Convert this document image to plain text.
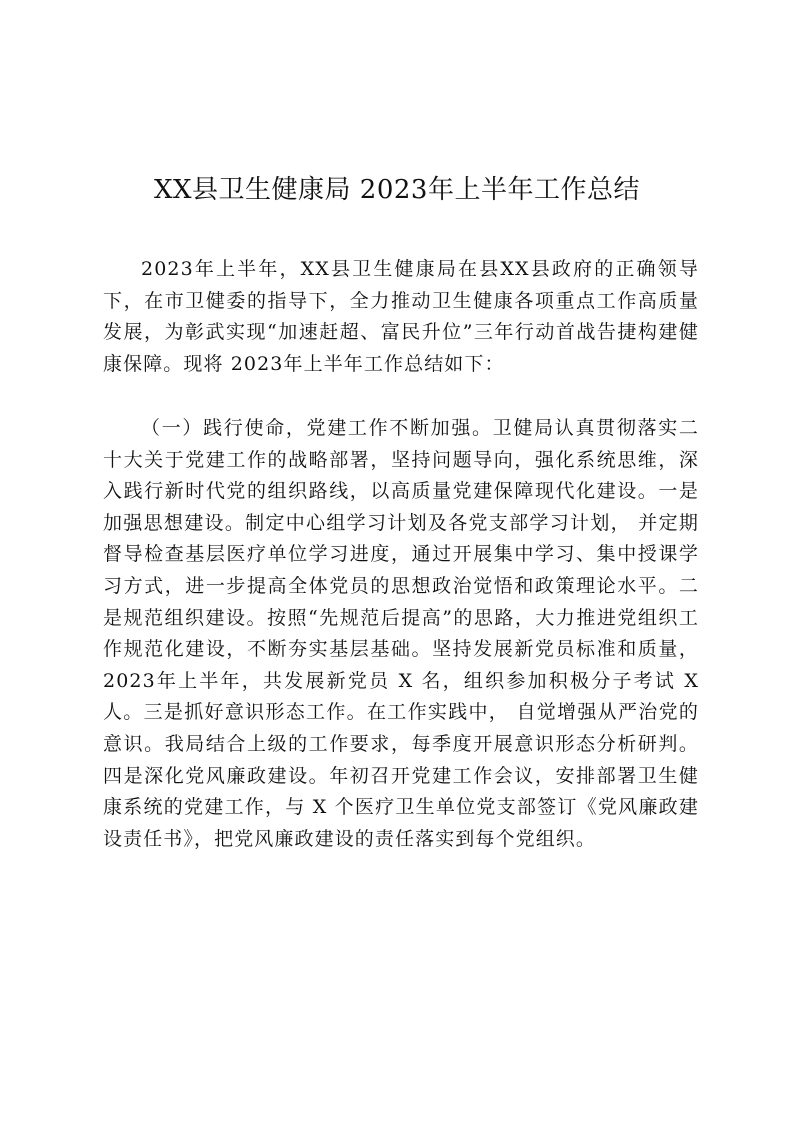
XX县卫生健康局 2023年上半年工作总结

2023年上半年，XX县卫生健康局在县XX县政府的正确领导下，在市卫健委的指导下，全力推动卫生健康各项重点工作高质量发展，为彰武实现“加速赶超、富民升位”三年行动首战告捷构建健康保障。现将 2023年上半年工作总结如下：

（一）践行使命，党建工作不断加强。卫健局认真贯彻落实二十大关于党建工作的战略部署，坚持问题导向，强化系统思维，深入践行新时代党的组织路线，以高质量党建保障现代化建设。一是加强思想建设。制定中心组学习计划及各党支部学习计划， 并定期督导检查基层医疗单位学习进度，通过开展集中学习、集中授课学习方式，进一步提高全体党员的思想政治觉悟和政策理论水平。二是规范组织建设。按照“先规范后提高”的思路，大力推进党组织工作规范化建设，不断夯实基层基础。坚持发展新党员标准和质量，2023年上半年，共发展新党员 X 名，组织参加积极分子考试 X 人。三是抓好意识形态工作。在工作实践中， 自觉增强从严治党的意识。我局结合上级的工作要求，每季度开展意识形态分析研判。四是深化党风廉政建设。年初召开党建工作会议，安排部署卫生健康系统的党建工作，与 X 个医疗卫生单位党支部签订《党风廉政建设责任书》，把党风廉政建设的责任落实到每个党组织。
